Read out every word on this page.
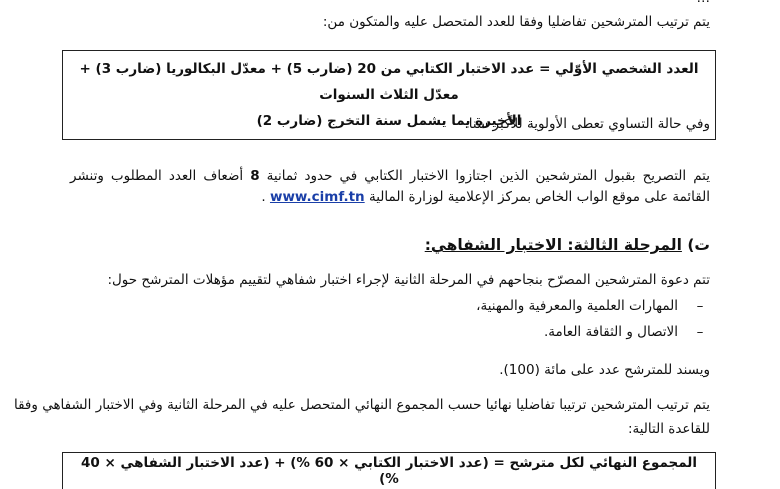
يتم ترتيب المترشحين تفاضليا وفقا للعدد المتحصل عليه والمتكون من:
العدد الشخصي الأوّلي = عدد الاختبار الكتابي من 20 (ضارب 5) + معدّل البكالوريا (ضارب 3) + معدّل الثلاث السنوات
الأخيرة بما يشمل سنة التخرج (ضارب 2)
وفي حالة التساوي تعطى الأولوية للأكبر سنا.
يتم التصريح بقبول المترشحين الذين اجتازوا الاختبار الكتابي في حدود ثمانية 8 أضعاف العدد المطلوب وتنشر القائمة على موقع الواب الخاص بمركز الإعلامية لوزارة المالية www.cimf.tn .
ت) المرحلة الثالثة: الاختبار الشفاهي:
تتم دعوة المترشحين المصرّح بنجاحهم في المرحلة الثانية لإجراء اختبار شفاهي لتقييم مؤهلات المترشح حول:
–المهارات العلمية والمعرفية والمهنية،
–الاتصال و الثقافة العامة.
ويسند للمترشح عدد على مائة (100).
يتم ترتيب المترشحين ترتيبا تفاضليا نهائيا حسب المجموع النهائي المتحصل عليه في المرحلة الثانية وفي الاختبار الشفاهي وفقا
للقاعدة التالية:
المجموع النهائي لكل مترشح = (عدد الاختبار الكتابي × 60 %) + (عدد الاختبار الشفاهي × 40 %)
